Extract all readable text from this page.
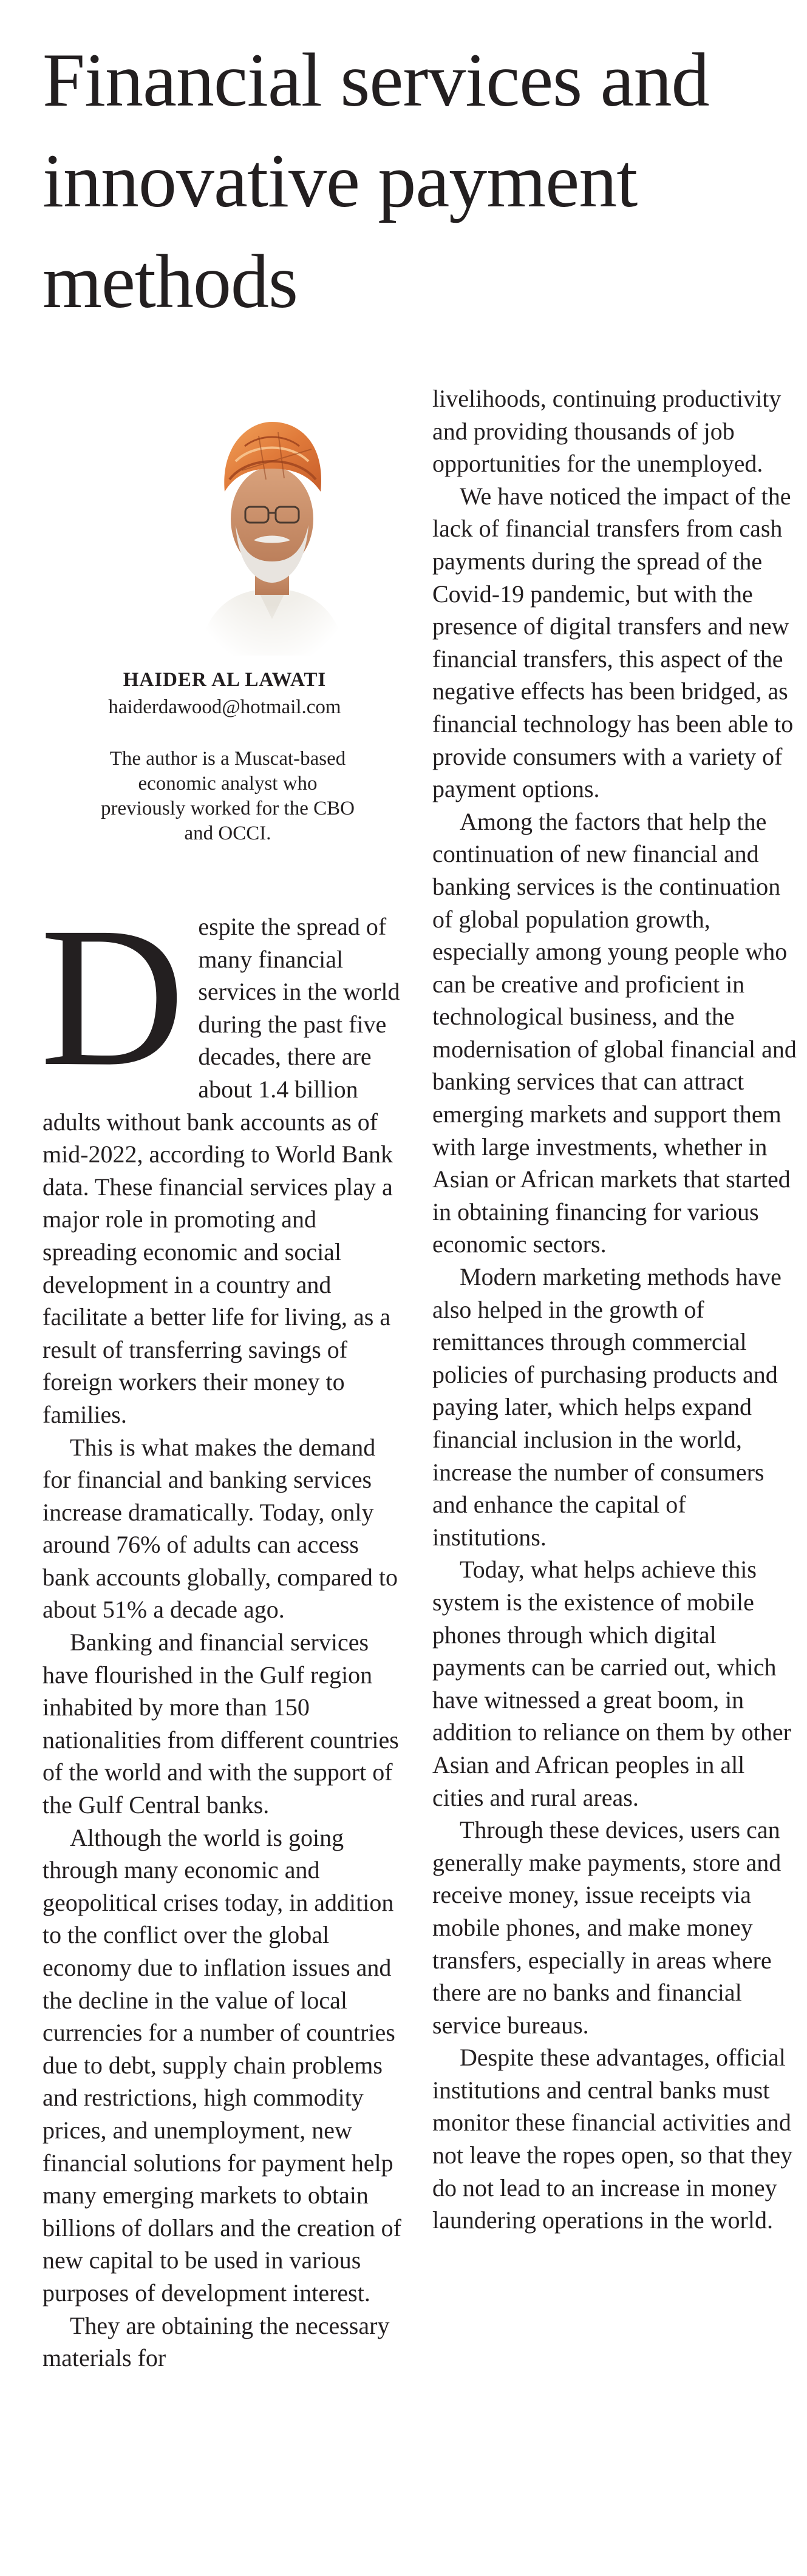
Financial services and innovative payment methods
HAIDER AL LAWATI
haiderdawood@hotmail.com
The author is a Muscat-based economic analyst who previously worked for the CBO and OCCI.

Despite the spread of many financial services in the world during the past five decades, there are about 1.4 billion adults without bank accounts as of mid-2022, according to World Bank data. These financial services play a major role in promoting and spreading economic and social development in a country and facilitate a better life for living, as a result of transferring savings of foreign workers their money to families.

This is what makes the demand for financial and banking services increase dramatically. Today, only around 76% of adults can access bank accounts globally, compared to about 51% a decade ago.

Banking and financial services have flourished in the Gulf region inhabited by more than 150 nationalities from different countries of the world and with the support of the Gulf Central banks.

Although the world is going through many economic and geopolitical crises today, in addition to the conflict over the global economy due to inflation issues and the decline in the value of local currencies for a number of countries due to debt, supply chain problems and restrictions, high commodity prices, and unemployment, new financial solutions for payment help many emerging markets to obtain billions of dollars and the creation of new capital to be used in various purposes of development interest.

They are obtaining the necessary materials for

livelihoods, continuing productivity and providing thousands of job opportunities for the unemployed.

We have noticed the impact of the lack of financial transfers from cash payments during the spread of the Covid-19 pandemic, but with the presence of digital transfers and new financial transfers, this aspect of the negative effects has been bridged, as financial technology has been able to provide consumers with a variety of payment options.

Among the factors that help the continuation of new financial and banking services is the continuation of global population growth, especially among young people who can be creative and proficient in technological business, and the modernisation of global financial and banking services that can attract emerging markets and support them with large investments, whether in Asian or African markets that started in obtaining financing for various economic sectors.

Modern marketing methods have also helped in the growth of remittances through commercial policies of purchasing products and paying later, which helps expand financial inclusion in the world, increase the number of consumers and enhance the capital of institutions.

Today, what helps achieve this system is the existence of mobile phones through which digital payments can be carried out, which have witnessed a great boom, in addition to reliance on them by other Asian and African peoples in all cities and rural areas.

Through these devices, users can generally make payments, store and receive money, issue receipts via mobile phones, and make money transfers, especially in areas where there are no banks and financial service bureaus.

Despite these advantages, official institutions and central banks must monitor these financial activities and not leave the ropes open, so that they do not lead to an increase in money laundering operations in the world.
